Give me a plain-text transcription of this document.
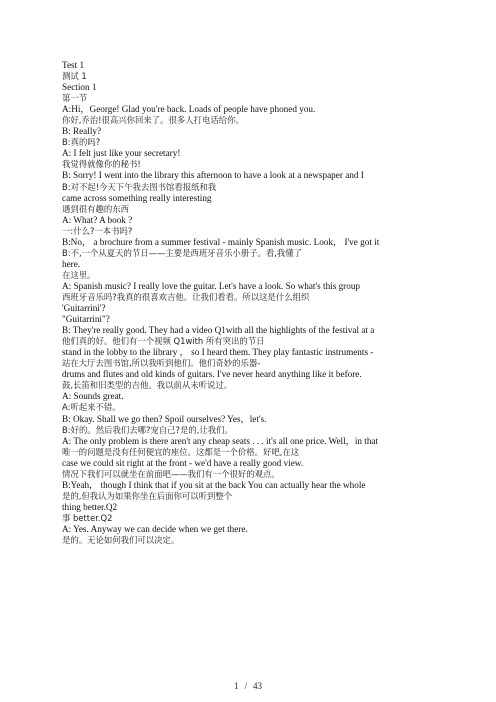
Test 1
测试 1
Section 1
第一节
A:Hi，George! Glad you're back. Loads of people have phoned you.
你好,乔治!很高兴你回来了。很多人打电话给你。
B: Really?
B:真的吗?
A: I felt just like your secretary!
我觉得就像你的秘书!
B: Sorry! I went into the library this afternoon to have a look at a newspaper and I
B:对不起!今天下午我去图书馆看报纸和我
came across something really interesting
遇到很有趣的东西
A: What? A book ?
一:什么?一本书吗?
B:No， a brochure from a summer festival - mainly Spanish music. Look， I've got it
B:不,一个从夏天的节日——主要是西班牙音乐小册子。看,我懂了
here.
在这里。
A: Spanish music? I really love the guitar. Let's have a look. So what's this group
西班牙音乐吗?我真的很喜欢吉他。让我们看看。所以这是什么组织
'Guitarrini'?
"Guitarrini"?
B: They're really good. They had a video Q1with all the highlights of the festival at a
他们真的好。他们有一个视频 Q1with 所有突出的节日
stand in the lobby to the library ， so I heard them. They play fantastic instruments -
站在大厅去图书馆,所以我听到他们。他们奇妙的乐器-
drums and flutes and old kinds of guitars. I've never heard anything like it before.
鼓,长笛和旧类型的吉他。我以前从未听说过。
A: Sounds great.
A:听起来不错。
B: Okay. Shall we go then? Spoil ourselves? Yes，let's.
B:好的。然后我们去哪?宠自己?是的,让我们。
A: The only problem is there aren't any cheap seats . . . it's all one price. Well，in that
唯一的问题是没有任何便宜的座位。这都是一个价格。好吧,在这
case we could sit right at the front - we'd have a really good view.
情况下我们可以就坐在前面吧——我们有一个很好的观点。
B:Yeah， though I think that if you sit at the back You can actually hear the whole
是的,但我认为如果你坐在后面你可以听到整个
thing better.Q2
事 better.Q2
A: Yes. Anyway we can decide when we get there.
是的。无论如何我们可以决定。
1 / 43
